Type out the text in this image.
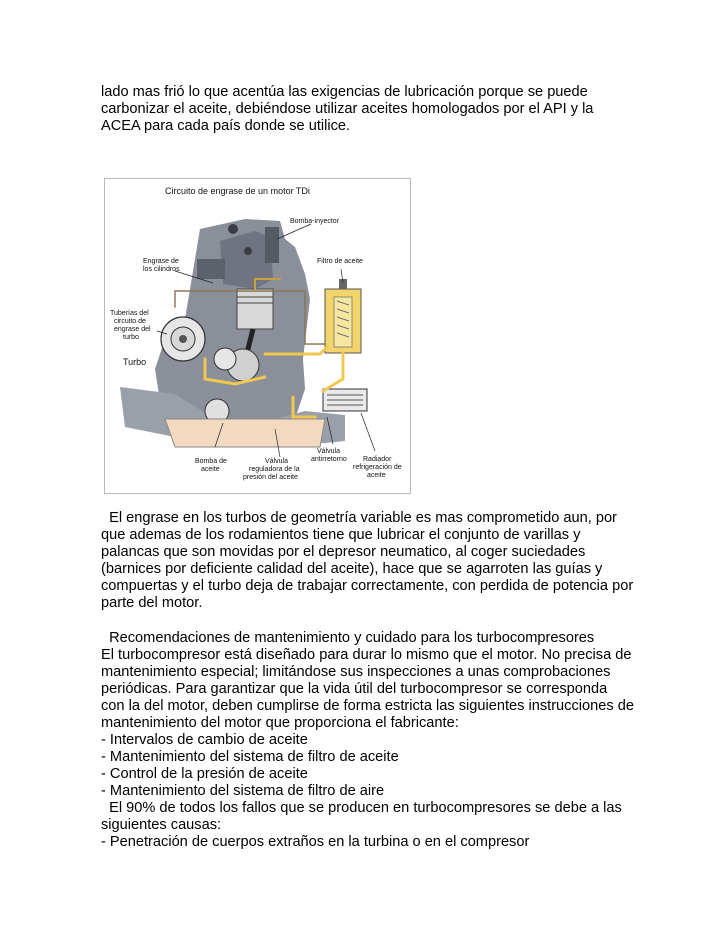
lado mas frió lo que acentúa las exigencias de lubricación porque se puede
carbonizar el aceite, debiéndose utilizar aceites homologados por el API y la
ACEA para cada país donde se utilice.
Circuito de engrase de un motor TDi
Bomba-inyector
Engrase de
los cilindros
Filtro de aceite
Tuberías del
circuito de
engrase del
turbo
Turbo
Bomba de
aceite
Válvula
reguladora de la
presión del aceite
Válvula
antirretorno Radiador
refrigeración de
aceite
El engrase en los turbos de geometría variable es mas comprometido aun, por
que ademas de los rodamientos tiene que lubricar el conjunto de varillas y
palancas que son movidas por el depresor neumatico, al coger suciedades
(barnices por deficiente calidad del aceite), hace que se agarroten las guías y
compuertas y el turbo deja de trabajar correctamente, con perdida de potencia por
parte del motor.
Recomendaciones de mantenimiento y cuidado para los turbocompresores
El turbocompresor está diseñado para durar lo mismo que el motor. No precisa de
mantenimiento especial; limitándose sus inspecciones a unas comprobaciones
periódicas. Para garantizar que la vida útil del turbocompresor se corresponda
con la del motor, deben cumplirse de forma estricta las siguientes instrucciones de
mantenimiento del motor que proporciona el fabricante:
- Intervalos de cambio de aceite
- Mantenimiento del sistema de filtro de aceite
- Control de la presión de aceite
- Mantenimiento del sistema de filtro de aire
El 90% de todos los fallos que se producen en turbocompresores se debe a las
siguientes causas:
- Penetración de cuerpos extraños en la turbina o en el compresor
